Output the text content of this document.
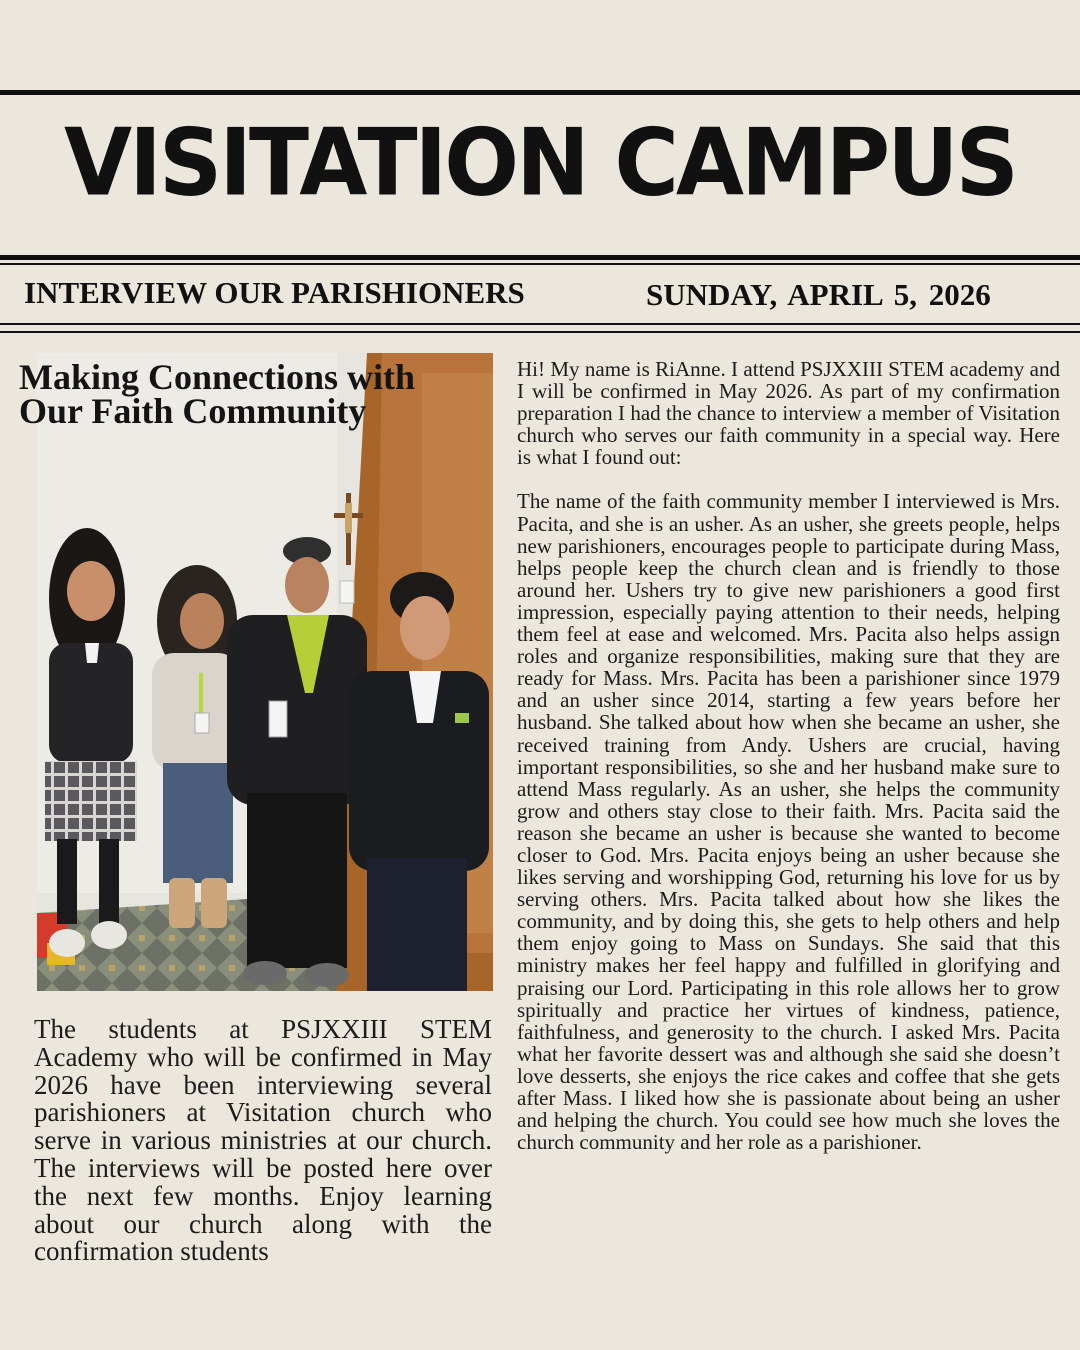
VISITATION CAMPUS
INTERVIEW OUR PARISHIONERS	SUNDAY, APRIL 5, 2026
Making Connections with
Our Faith Community

The students at PSJXXIII STEM Academy who will be confirmed in May 2026 have been interviewing several parishioners at Visitation church who serve in various ministries at our church. The interviews will be posted here over the next few months. Enjoy learning about our church along with the confirmation students

Hi! My name is RiAnne. I attend PSJXXIII STEM academy and I will be confirmed in May 2026. As part of my confirmation preparation I had the chance to interview a member of Visitation church who serves our faith community in a special way. Here is what I found out:

The name of the faith community member I interviewed is Mrs. Pacita, and she is an usher. As an usher, she greets people, helps new parishioners, encourages people to participate during Mass, helps people keep the church clean and is friendly to those around her. Ushers try to give new parishioners a good first impression, especially paying attention to their needs, helping them feel at ease and welcomed. Mrs. Pacita also helps assign roles and organize responsibilities, making sure that they are ready for Mass. Mrs. Pacita has been a parishioner since 1979 and an usher since 2014, starting a few years before her husband. She talked about how when she became an usher, she received training from Andy. Ushers are crucial, having important responsibilities, so she and her husband make sure to attend Mass regularly. As an usher, she helps the community grow and others stay close to their faith. Mrs. Pacita said the reason she became an usher is because she wanted to become closer to God. Mrs. Pacita enjoys being an usher because she likes serving and worshipping God, returning his love for us by serving others. Mrs. Pacita talked about how she likes the community, and by doing this, she gets to help others and help them enjoy going to Mass on Sundays. She said that this ministry makes her feel happy and fulfilled in glorifying and praising our Lord. Participating in this role allows her to grow spiritually and practice her virtues of kindness, patience, faithfulness, and generosity to the church. I asked Mrs. Pacita what her favorite dessert was and although she said she doesn’t love desserts, she enjoys the rice cakes and coffee that she gets after Mass. I liked how she is passionate about being an usher and helping the church. You could see how much she loves the church community and her role as a parishioner.
